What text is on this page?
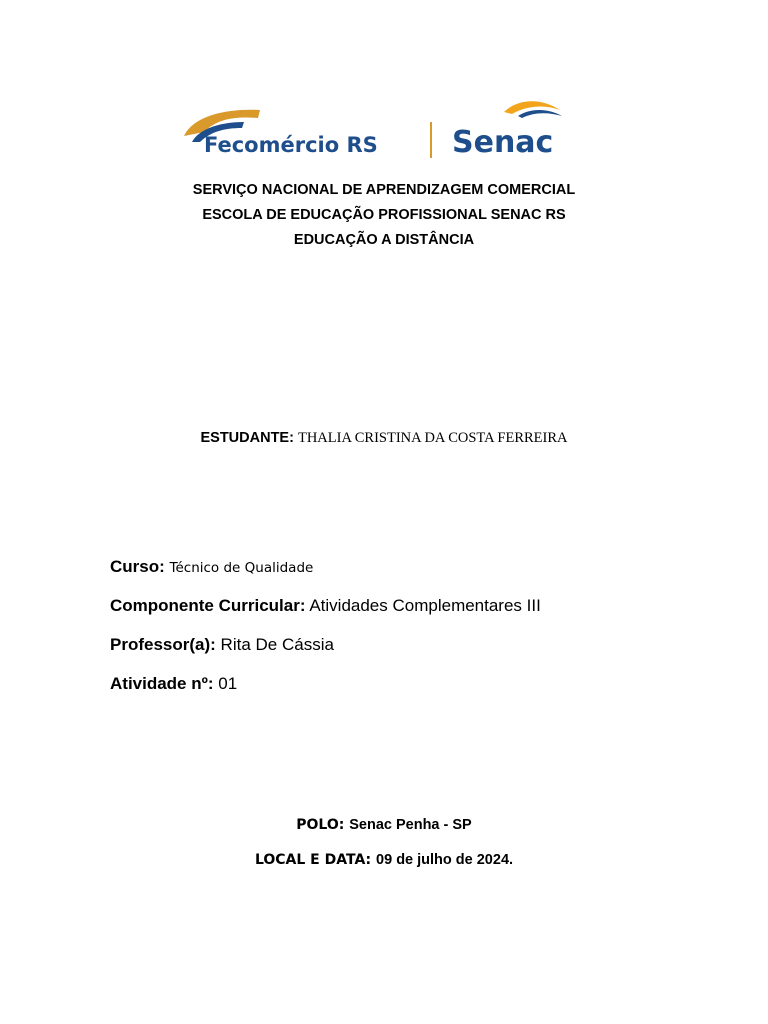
Fecomércio RS Senac
SERVIÇO NACIONAL DE APRENDIZAGEM COMERCIAL
ESCOLA DE EDUCAÇÃO PROFISSIONAL SENAC RS
EDUCAÇÃO A DISTÂNCIA
ESTUDANTE: THALIA CRISTINA DA COSTA FERREIRA
Curso: Técnico de Qualidade
Componente Curricular: Atividades Complementares III
Professor(a): Rita De Cássia
Atividade nº: 01
POLO: Senac Penha - SP
LOCAL E DATA: 09 de julho de 2024.
